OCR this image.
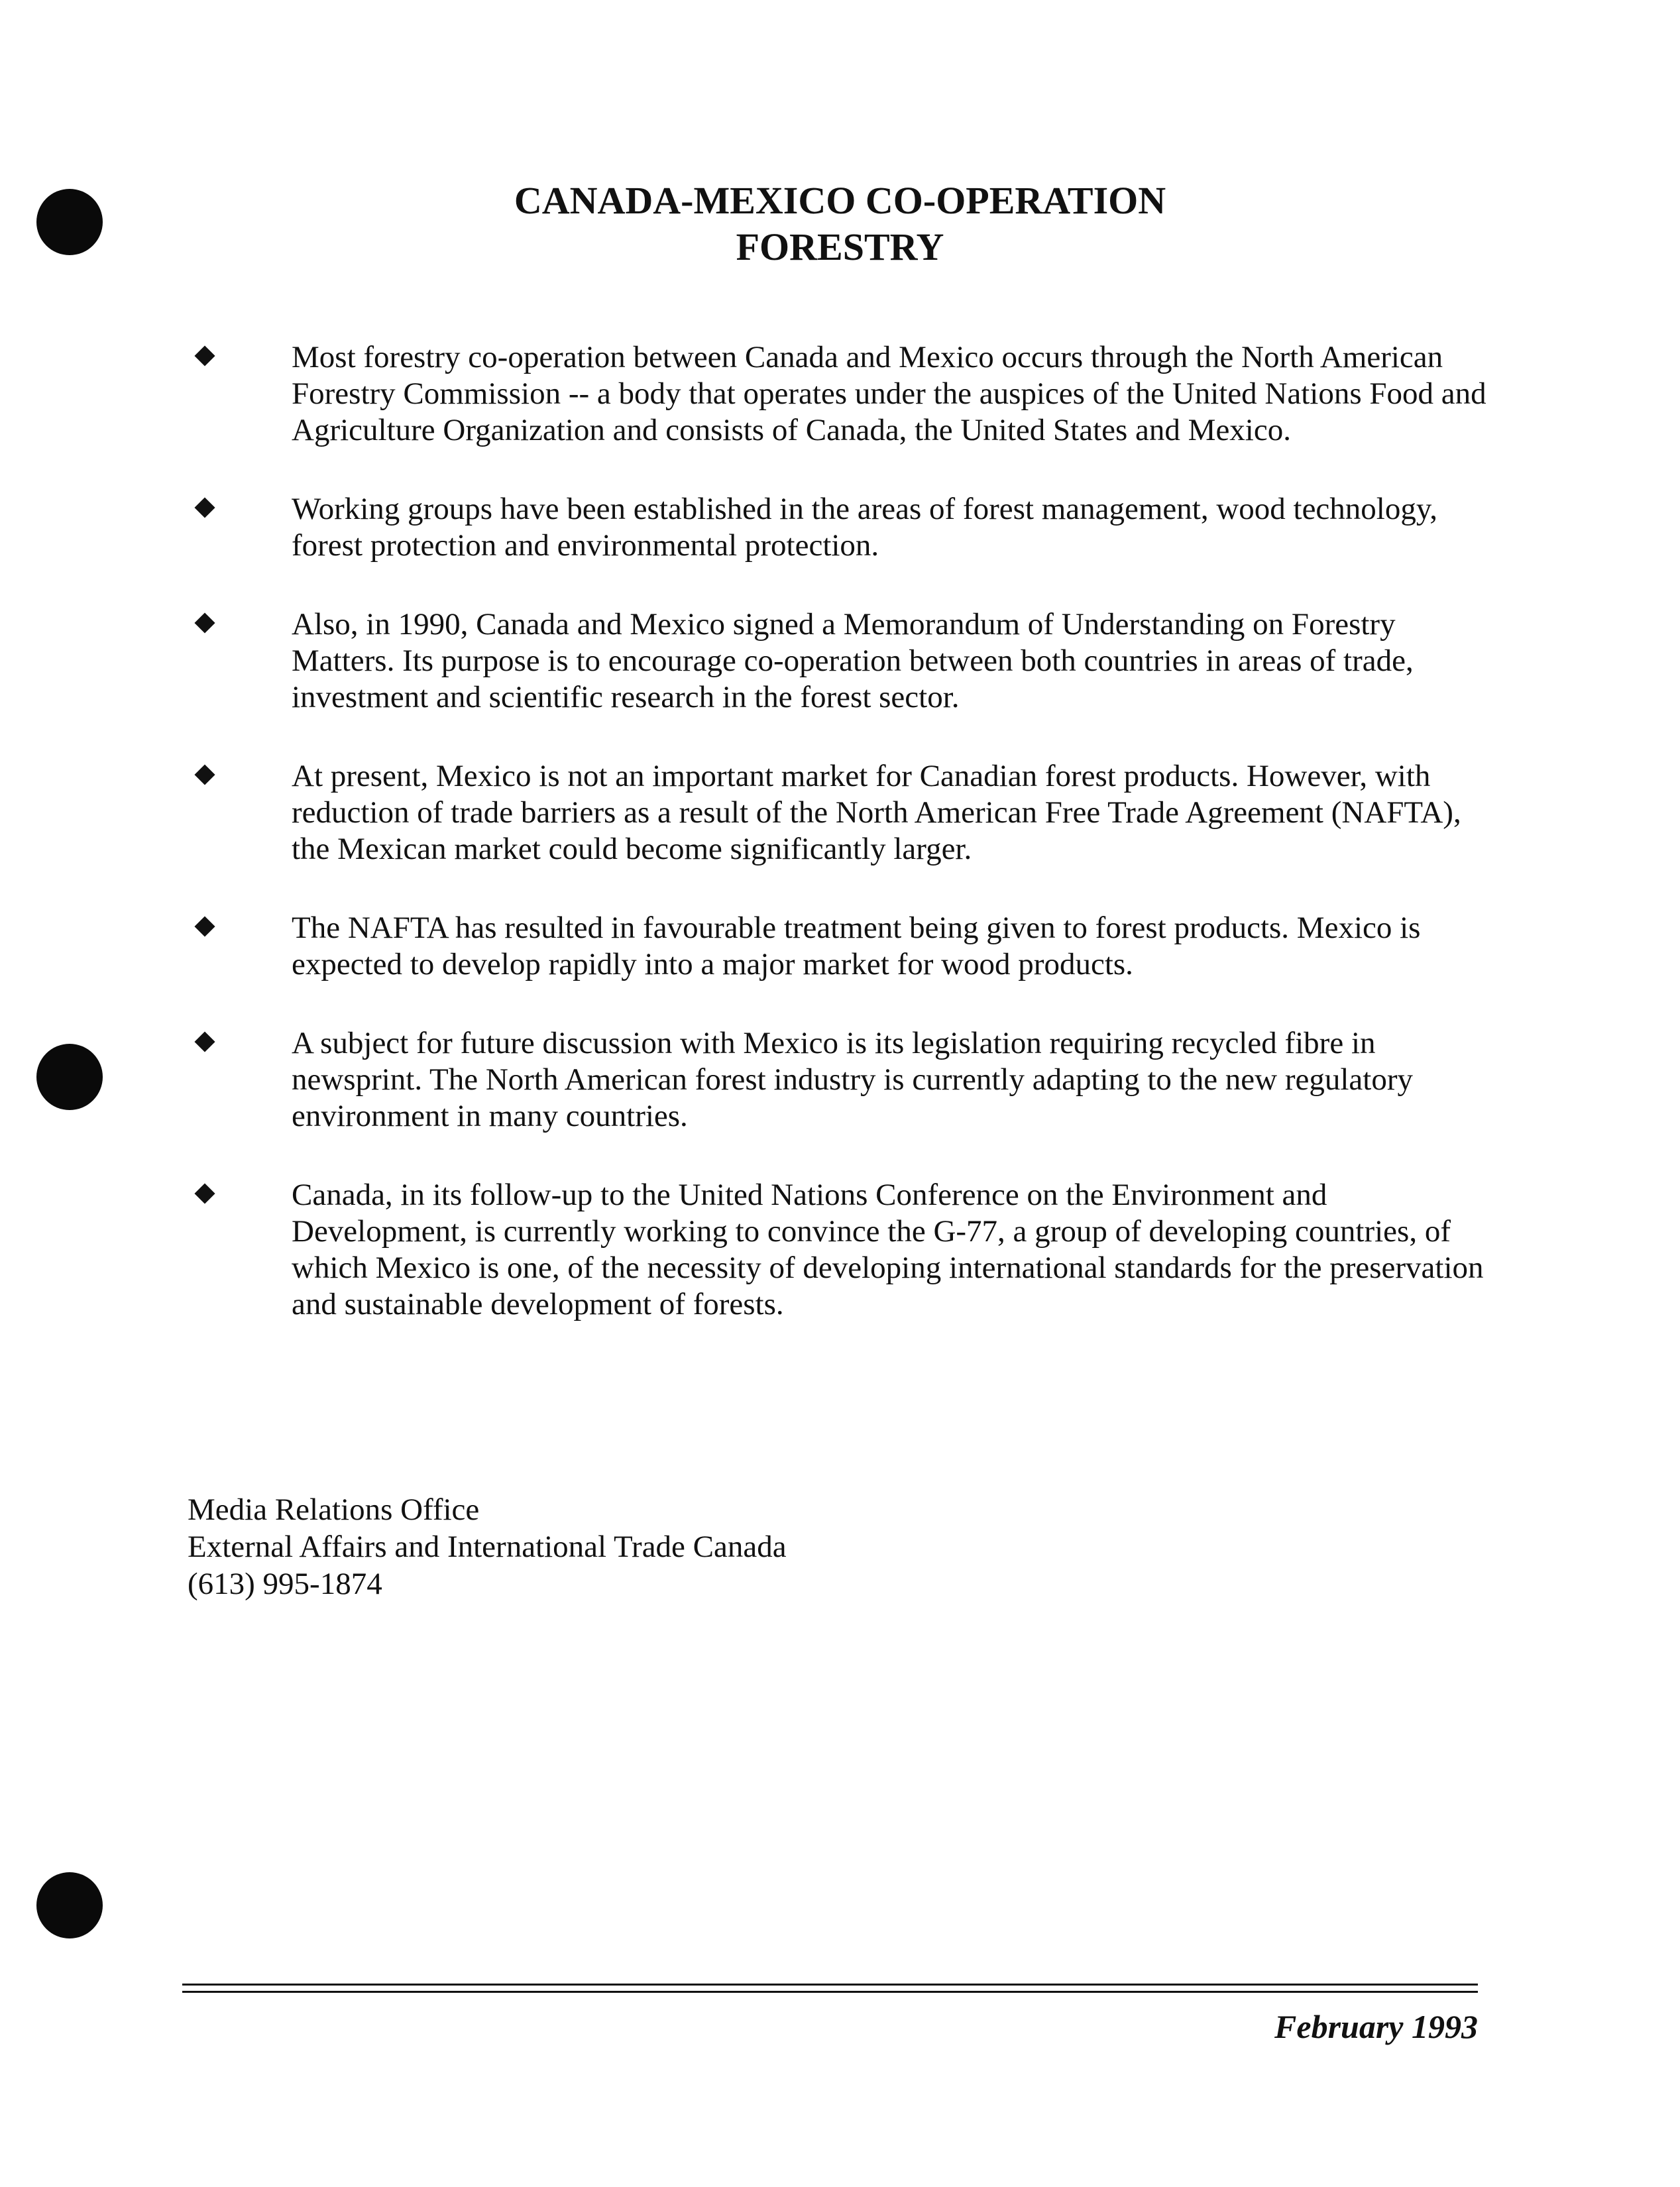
CANADA-MEXICO CO-OPERATION
FORESTRY
Most forestry co-operation between Canada and Mexico occurs through the North American Forestry Commission -- a body that operates under the auspices of the United Nations Food and Agriculture Organization and consists of Canada, the United States and Mexico.
Working groups have been established in the areas of forest management, wood technology, forest protection and environmental protection.
Also, in 1990, Canada and Mexico signed a Memorandum of Understanding on Forestry Matters. Its purpose is to encourage co-operation between both countries in areas of trade, investment and scientific research in the forest sector.
At present, Mexico is not an important market for Canadian forest products. However, with reduction of trade barriers as a result of the North American Free Trade Agreement (NAFTA), the Mexican market could become significantly larger.
The NAFTA has resulted in favourable treatment being given to forest products. Mexico is expected to develop rapidly into a major market for wood products.
A subject for future discussion with Mexico is its legislation requiring recycled fibre in newsprint. The North American forest industry is currently adapting to the new regulatory environment in many countries.
Canada, in its follow-up to the United Nations Conference on the Environment and Development, is currently working to convince the G-77, a group of developing countries, of which Mexico is one, of the necessity of developing international standards for the preservation and sustainable development of forests.
Media Relations Office
External Affairs and International Trade Canada
(613) 995-1874
February 1993
